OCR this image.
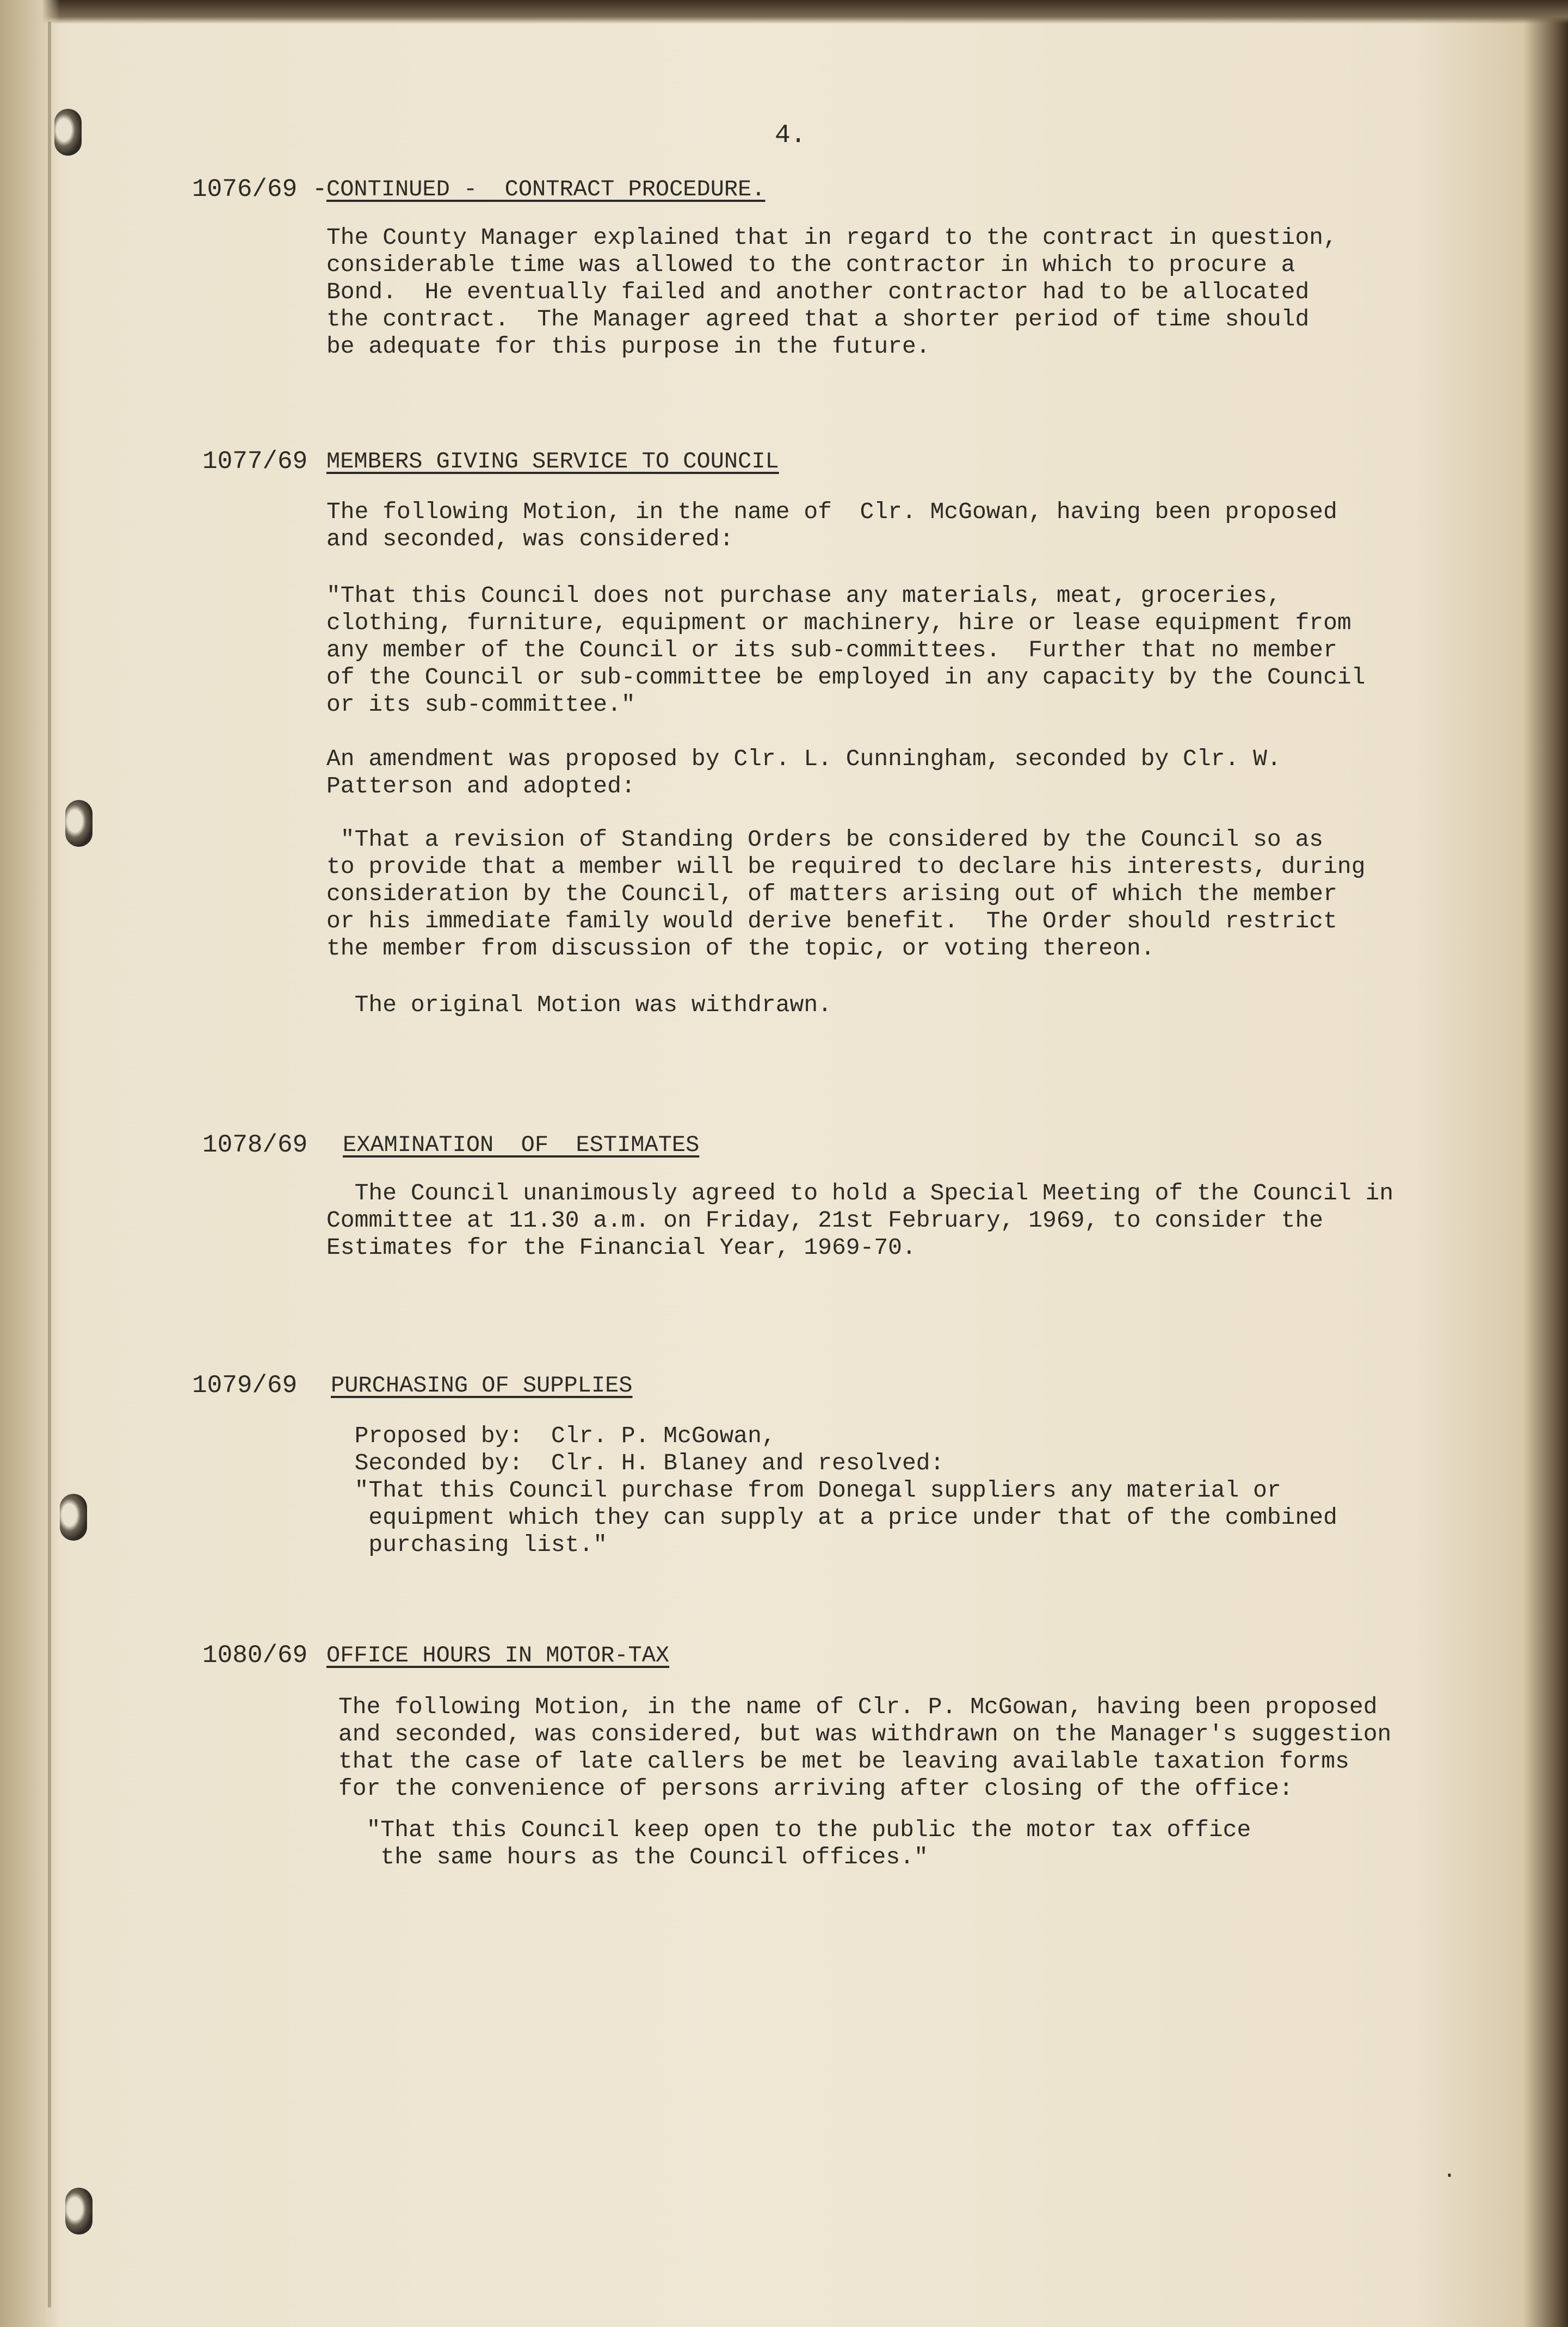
4.
1076/69 -
CONTINUED -  CONTRACT PROCEDURE.
The County Manager explained that in regard to the contract in question,
considerable time was allowed to the contractor in which to procure a
Bond.  He eventually failed and another contractor had to be allocated
the contract.  The Manager agreed that a shorter period of time should
be adequate for this purpose in the future.
1077/69 MEMBERS GIVING SERVICE TO COUNCIL
The following Motion, in the name of  Clr. McGowan, having been proposed
and seconded, was considered:
"That this Council does not purchase any materials, meat, groceries,
clothing, furniture, equipment or machinery, hire or lease equipment from
any member of the Council or its sub-committees.  Further that no member
of the Council or sub-committee be employed in any capacity by the Council
or its sub-committee."
An amendment was proposed by Clr. L. Cunningham, seconded by Clr. W.
Patterson and adopted:
"That a revision of Standing Orders be considered by the Council so as
to provide that a member will be required to declare his interests, during
consideration by the Council, of matters arising out of which the member
or his immediate family would derive benefit.  The Order should restrict
the member from discussion of the topic, or voting thereon.
The original Motion was withdrawn.
1078/69 EXAMINATION  OF  ESTIMATES
The Council unanimously agreed to hold a Special Meeting of the Council in
Committee at 11.30 a.m. on Friday, 21st February, 1969, to consider the
Estimates for the Financial Year, 1969-70.
1079/69 PURCHASING OF SUPPLIES
Proposed by:  Clr. P. McGowan,
Seconded by:  Clr. H. Blaney and resolved:
"That this Council purchase from Donegal suppliers any material or
equipment which they can supply at a price under that of the combined
purchasing list."
1080/69 OFFICE HOURS IN MOTOR-TAX
The following Motion, in the name of Clr. P. McGowan, having been proposed
and seconded, was considered, but was withdrawn on the Manager's suggestion
that the case of late callers be met be leaving available taxation forms
for the convenience of persons arriving after closing of the office:
"That this Council keep open to the public the motor tax office
the same hours as the Council offices."
.
